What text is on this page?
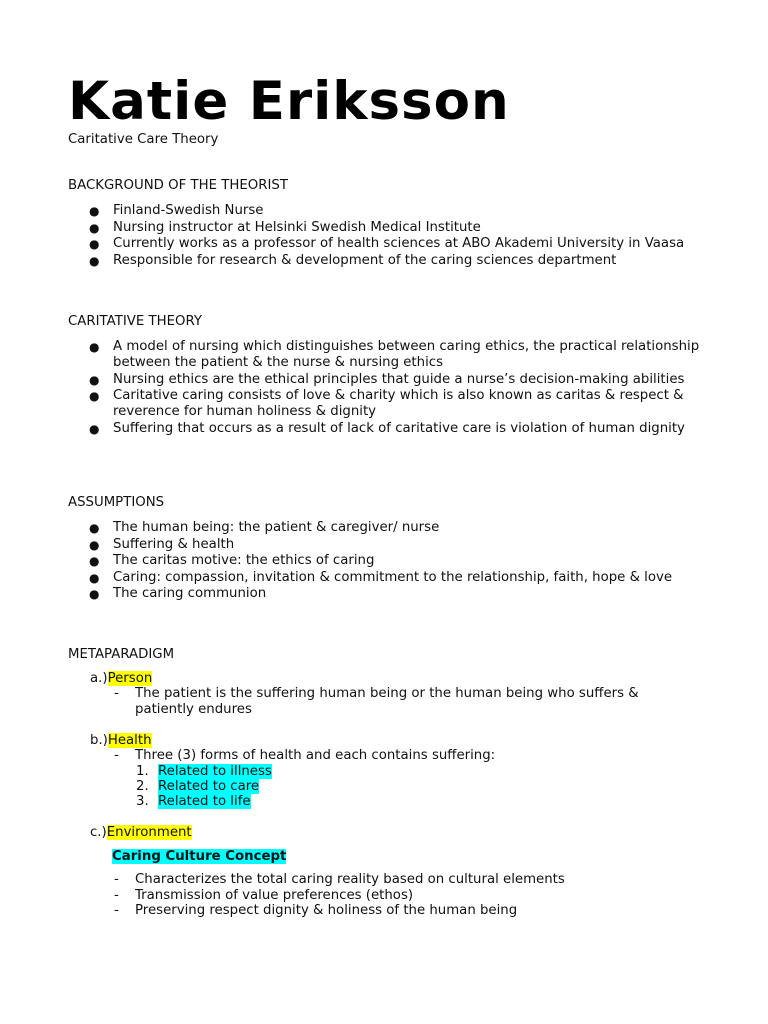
Katie Eriksson

Caritative Care Theory

BACKGROUND OF THE THEORIST

● Finland-Swedish Nurse
● Nursing instructor at Helsinki Swedish Medical Institute
● Currently works as a professor of health sciences at ABO Akademi University in Vaasa
● Responsible for research & development of the caring sciences department

CARITATIVE THEORY

● A model of nursing which distinguishes between caring ethics, the practical relationship between the patient & the nurse & nursing ethics
● Nursing ethics are the ethical principles that guide a nurse’s decision-making abilities
● Caritative caring consists of love & charity which is also known as caritas & respect & reverence for human holiness & dignity
● Suffering that occurs as a result of lack of caritative care is violation of human dignity

ASSUMPTIONS

● The human being: the patient & caregiver/ nurse
● Suffering & health
● The caritas motive: the ethics of caring
● Caring: compassion, invitation & commitment to the relationship, faith, hope & love
● The caring communion

METAPARADIGM

a.)Person
-	The patient is the suffering human being or the human being who suffers & patiently endures
b.)Health
-	Three (3) forms of health and each contains suffering:
1. Related to illness
2. Related to care
3. Related to life
c.)Environment
Caring Culture Concept
-	Characterizes the total caring reality based on cultural elements
-	Transmission of value preferences (ethos)
-	Preserving respect dignity & holiness of the human being
